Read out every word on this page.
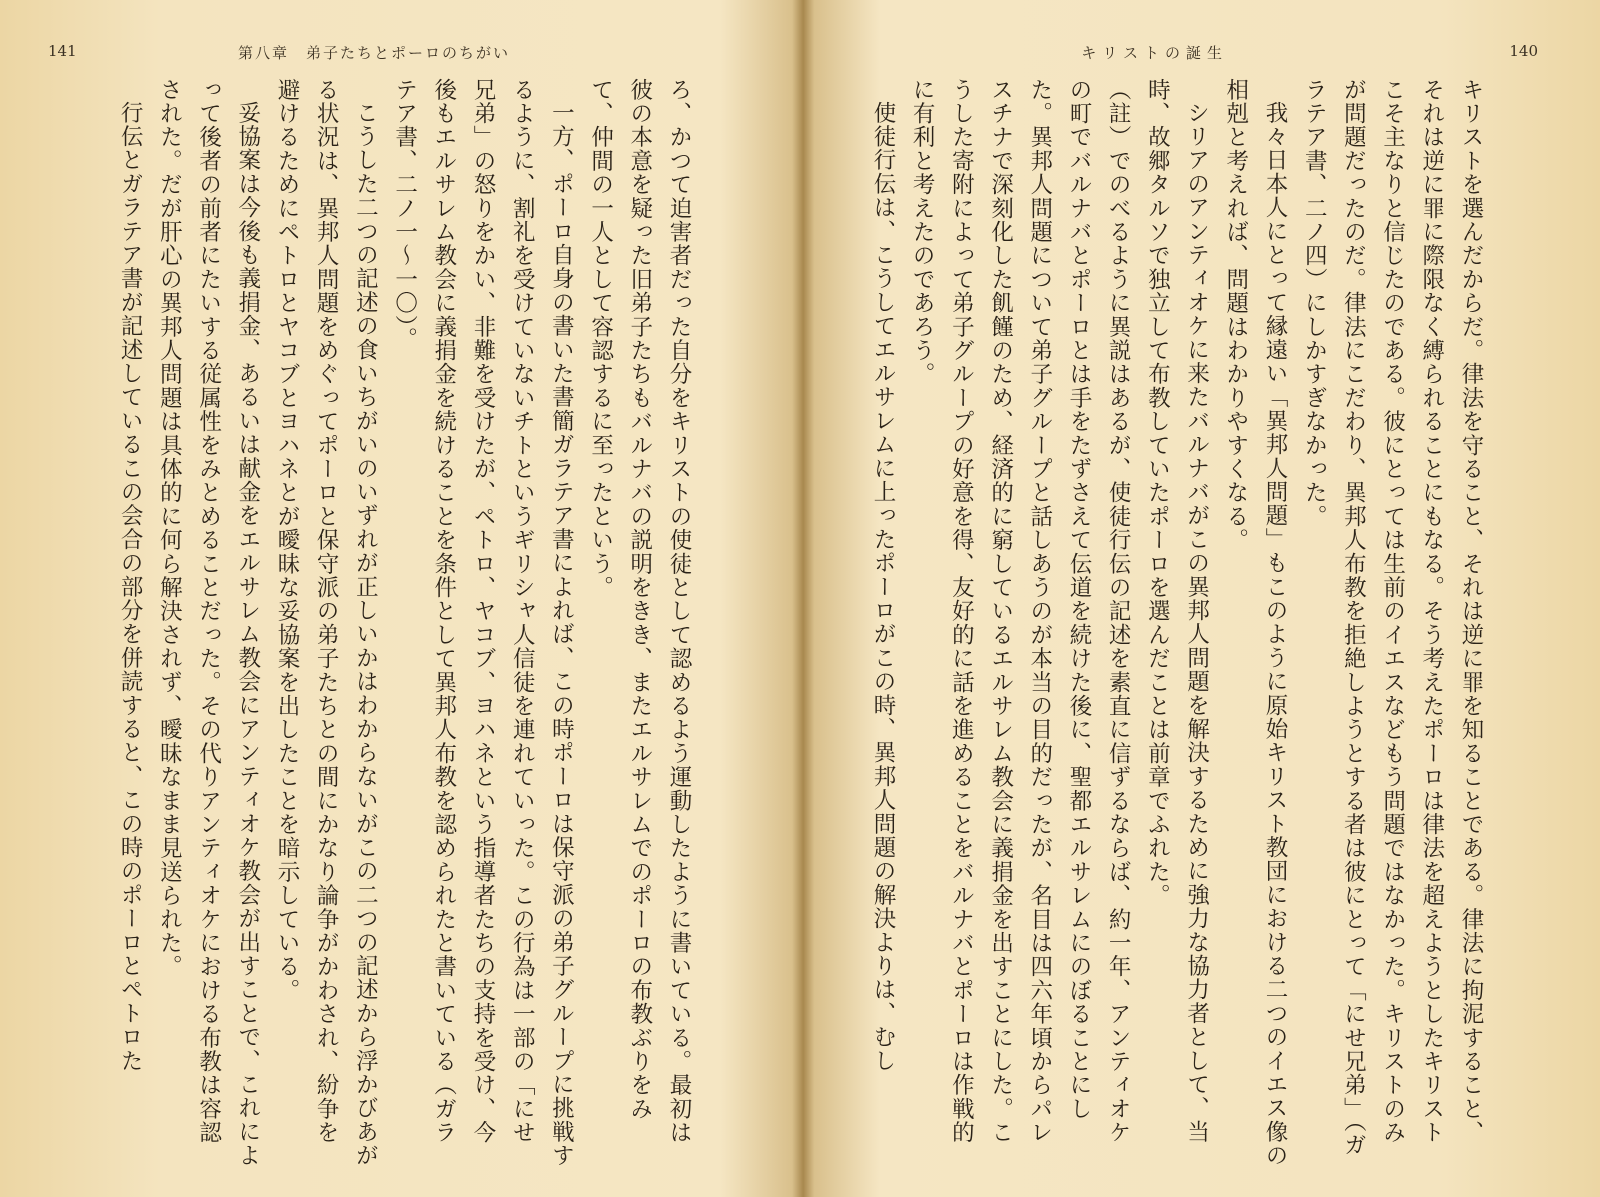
141	第八章　弟子たちとポーロのちがい

ろ、かつて迫害者だった自分をキリストの使徒として認めるよう運動したように書いている。最初は彼の本意を疑った旧弟子たちもバルナバの説明をきき、またエルサレムでのポーロの布教ぶりをみて、仲間の一人として容認するに至ったという。

一方、ポーロ自身の書いた書簡ガラテア書によれば、この時ポーロは保守派の弟子グループに挑戦するように、割礼を受けていないチトというギリシャ人信徒を連れていった。この行為は一部の「にせ兄弟」の怒りをかい、非難を受けたが、ペトロ、ヤコブ、ヨハネという指導者たちの支持を受け、今後もエルサレム教会に義捐金を続けることを条件として異邦人布教を認められたと書いている（ガラテア書、二ノ一〜一〇）。

こうした二つの記述の食いちがいのいずれが正しいかはわからないがこの二つの記述から浮かびあがる状況は、異邦人問題をめぐってポーロと保守派の弟子たちとの間にかなり論争がかわされ、紛争を避けるためにペトロとヤコブとヨハネとが曖昧な妥協案を出したことを暗示している。

妥協案は今後も義捐金、あるいは献金をエルサレム教会にアンティオケ教会が出すことで、これによって後者の前者にたいする従属性をみとめることだった。その代りアンティオケにおける布教は容認された。だが肝心の異邦人問題は具体的に何ら解決されず、曖昧なまま見送られた。

行伝とガラテア書が記述しているこの会合の部分を併読すると、この時のポーロとペトロた

140
キリストの誕生

キリストを選んだからだ。律法を守ること、それは逆に罪を知ることである。律法に拘泥すること、それは逆に罪に際限なく縛られることにもなる。そう考えたポーロは律法を超えようとしたキリストこそ主なりと信じたのである。彼にとっては生前のイエスなどもう問題ではなかった。キリストのみが問題だったのだ。律法にこだわり、異邦人布教を拒絶しようとする者は彼にとって「にせ兄弟」（ガラテア書、二ノ四）にしかすぎなかった。

我々日本人にとって縁遠い「異邦人問題」もこのように原始キリスト教団における二つのイエス像の相剋と考えれば、問題はわかりやすくなる。

シリアのアンティオケに来たバルナバがこの異邦人問題を解決するために強力な協力者として、当時、故郷タルソで独立して布教していたポーロを選んだことは前章でふれた。

（註）でのべるように異説はあるが、使徒行伝の記述を素直に信ずるならば、約一年、アンティオケの町でバルナバとポーロとは手をたずさえて伝道を続けた後に、聖都エルサレムにのぼることにした。異邦人問題について弟子グループと話しあうのが本当の目的だったが、名目は四六年頃からパレスチナで深刻化した飢饉のため、経済的に窮しているエルサレム教会に義捐金を出すことにした。こうした寄附によって弟子グループの好意を得、友好的に話を進めることをバルナバとポーロは作戦的に有利と考えたのであろう。

使徒行伝は、こうしてエルサレムに上ったポーロがこの時、異邦人問題の解決よりは、むし
